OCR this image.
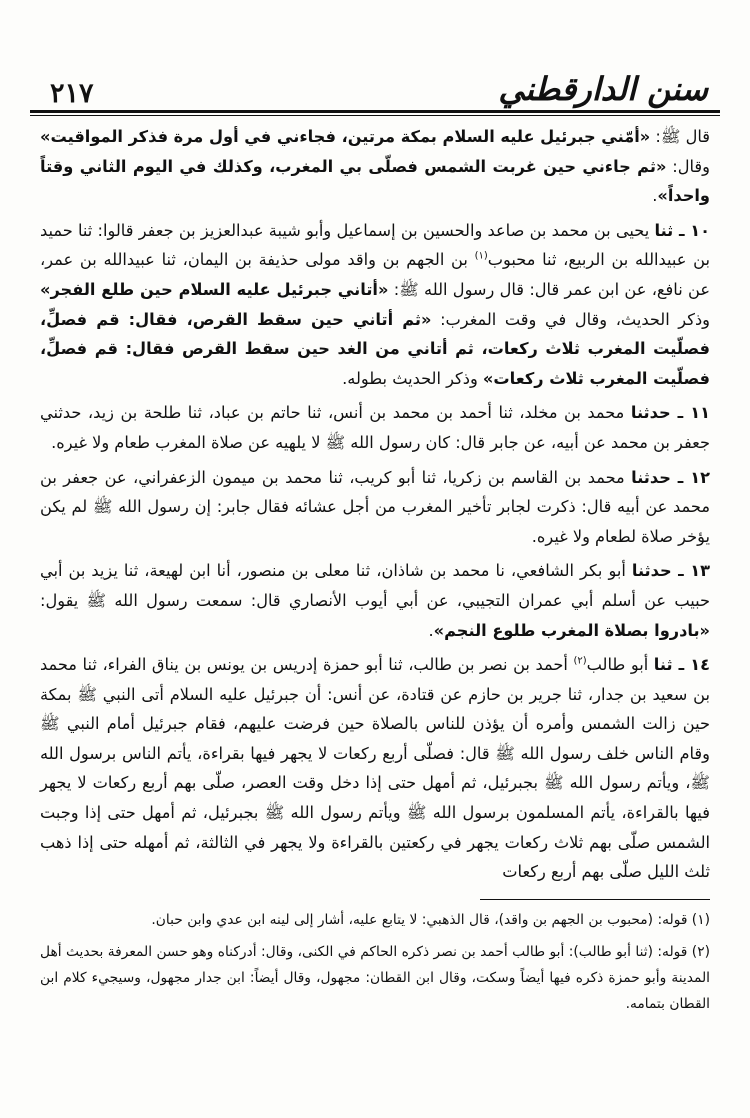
٢١٧	سنن الدارقطني

قال ﷺ: «أمّني جبرئيل عليه السلام بمكة مرتين، فجاءني في أول مرة فذكر المواقيت» وقال: «ثم جاءني حين غربت الشمس فصلّى بي المغرب، وكذلك في اليوم الثاني وقتاً واحداً».

١٠ ـ ثنا يحيى بن محمد بن صاعد والحسين بن إسماعيل وأبو شيبة عبدالعزيز بن جعفر قالوا: ثنا حميد بن عبيدالله بن الربيع، ثنا محبوب$^{(١)}$ بن الجهم بن واقد مولى حذيفة بن اليمان، ثنا عبيدالله بن عمر، عن نافع، عن ابن عمر قال: قال رسول الله ﷺ: «أتاني جبرئيل عليه السلام حين طلع الفجر» وذكر الحديث، وقال في وقت المغرب: «ثم أتاني حين سقط القرص، فقال: قم فصلِّ، فصلّيت المغرب ثلاث ركعات، ثم أتاني من الغد حين سقط القرص فقال: قم فصلِّ، فصلّيت المغرب ثلاث ركعات» وذكر الحديث بطوله.

١١ ـ حدثنا محمد بن مخلد، ثنا أحمد بن محمد بن أنس، ثنا حاتم بن عباد، ثنا طلحة بن زيد، حدثني جعفر بن محمد عن أبيه، عن جابر قال: كان رسول الله ﷺ لا يلهيه عن صلاة المغرب طعام ولا غيره.

١٢ ـ حدثنا محمد بن القاسم بن زكريا، ثنا أبو كريب، ثنا محمد بن ميمون الزعفراني، عن جعفر بن محمد عن أبيه قال: ذكرت لجابر تأخير المغرب من أجل عشائه فقال جابر: إن رسول الله ﷺ لم يكن يؤخر صلاة لطعام ولا غيره.

١٣ ـ حدثنا أبو بكر الشافعي، نا محمد بن شاذان، ثنا معلى بن منصور، أنا ابن لهيعة، ثنا يزيد بن أبي حبيب عن أسلم أبي عمران التجيبي، عن أبي أيوب الأنصاري قال: سمعت رسول الله ﷺ يقول: «بادروا بصلاة المغرب طلوع النجم».

١٤ ـ ثنا أبو طالب$^{(٢)}$ أحمد بن نصر بن طالب، ثنا أبو حمزة إدريس بن يونس بن يناق الفراء، ثنا محمد بن سعيد بن جدار، ثنا جرير بن حازم عن قتادة، عن أنس: أن جبرئيل عليه السلام أتى النبي ﷺ بمكة حين زالت الشمس وأمره أن يؤذن للناس بالصلاة حين فرضت عليهم، فقام جبرئيل أمام النبي ﷺ وقام الناس خلف رسول الله ﷺ قال: فصلّى أربع ركعات لا يجهر فيها بقراءة، يأتم الناس برسول الله ﷺ، ويأتم رسول الله ﷺ بجبرئيل، ثم أمهل حتى إذا دخل وقت العصر، صلّى بهم أربع ركعات لا يجهر فيها بالقراءة، يأتم المسلمون برسول الله ﷺ ويأتم رسول الله ﷺ بجبرئيل، ثم أمهل حتى إذا وجبت الشمس صلّى بهم ثلاث ركعات يجهر في ركعتين بالقراءة ولا يجهر في الثالثة، ثم أمهله حتى إذا ذهب ثلث الليل صلّى بهم أربع ركعات

(١) قوله: (محبوب بن الجهم بن واقد)، قال الذهبي: لا يتابع عليه، أشار إلى لينه ابن عدي وابن حبان.

(٢) قوله: (ثنا أبو طالب): أبو طالب أحمد بن نصر ذكره الحاكم في الكنى، وقال: أدركناه وهو حسن المعرفة بحديث أهل المدينة وأبو حمزة ذكره فيها أيضاً وسكت، وقال ابن القطان: مجهول، وقال أيضاً: ابن جدار مجهول، وسيجيء كلام ابن القطان بتمامه.
